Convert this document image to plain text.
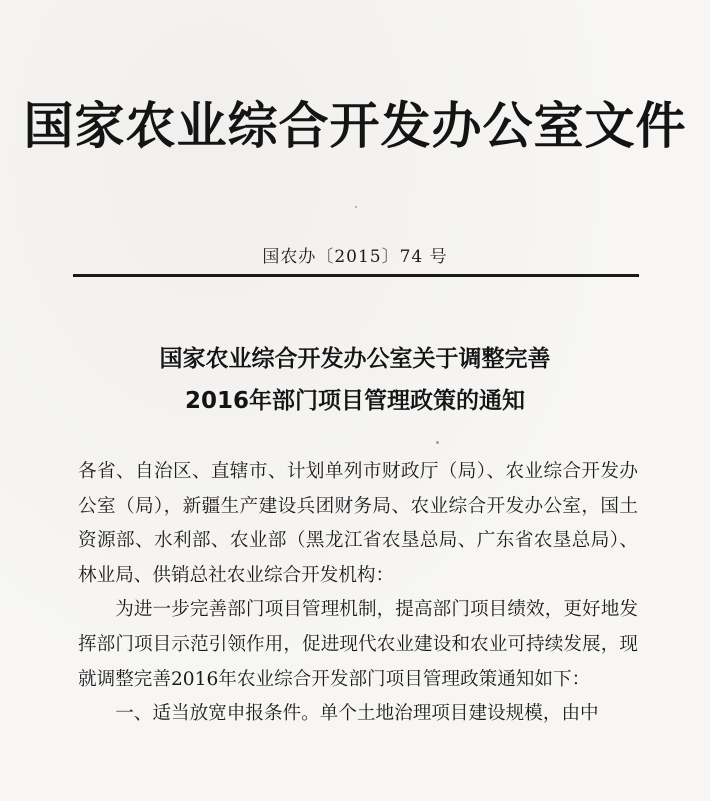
国家农业综合开发办公室文件
国农办〔2015〕74 号
国家农业综合开发办公室关于调整完善
2016年部门项目管理政策的通知

各省、自治区、直辖市、计划单列市财政厅（局）、农业综合开发办公室（局），新疆生产建设兵团财务局、农业综合开发办公室，国土资源部、水利部、农业部（黑龙江省农垦总局、广东省农垦总局）、林业局、供销总社农业综合开发机构：

为进一步完善部门项目管理机制，提高部门项目绩效，更好地发挥部门项目示范引领作用，促进现代农业建设和农业可持续发展，现就调整完善2016年农业综合开发部门项目管理政策通知如下：

一、适当放宽申报条件。单个土地治理项目建设规模，由中
